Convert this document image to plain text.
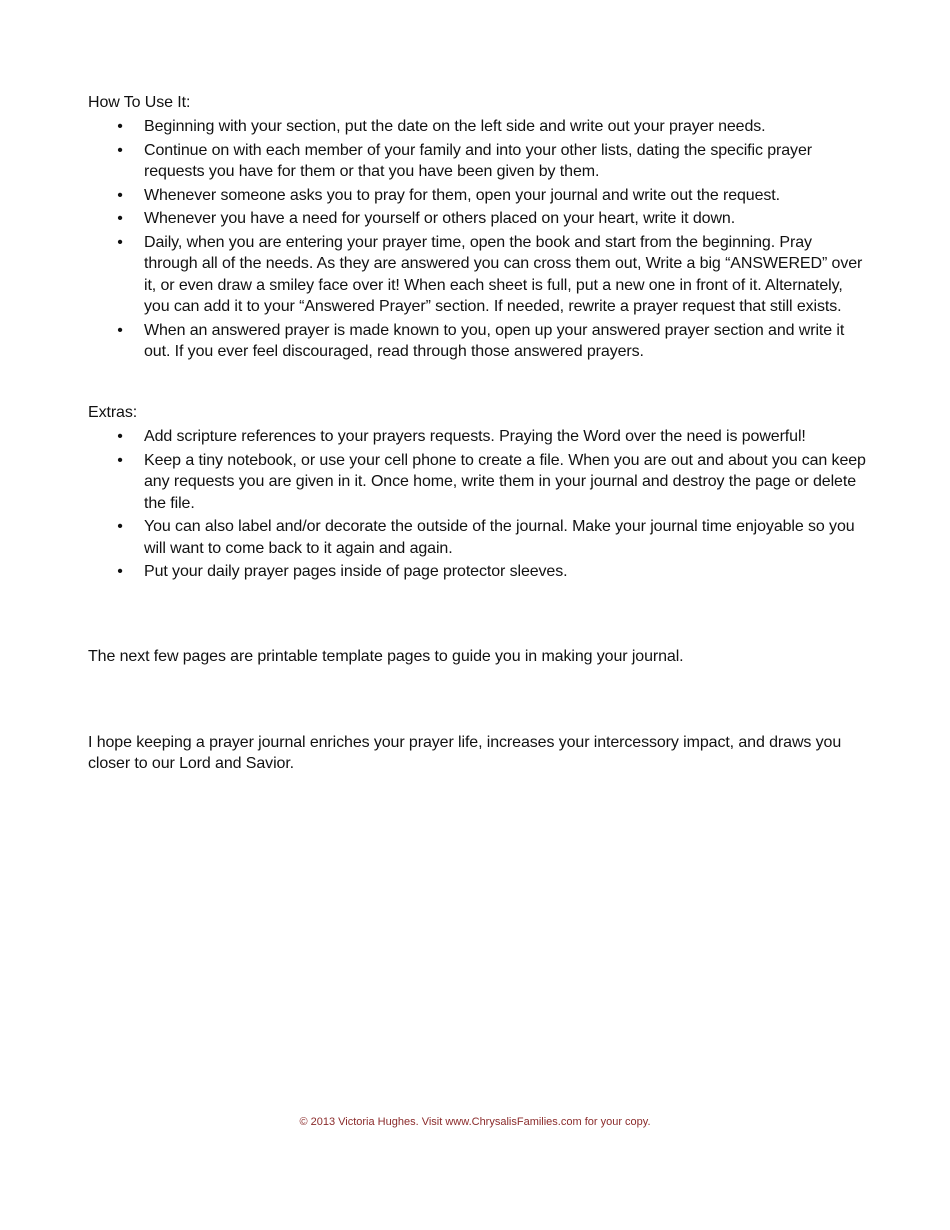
How To Use It:
• Beginning with your section, put the date on the left side and write out your prayer needs.
• Continue on with each member of your family and into your other lists, dating the specific prayer requests you have for them or that you have been given by them.
• Whenever someone asks you to pray for them, open your journal and write out the request.
• Whenever you have a need for yourself or others placed on your heart, write it down.
• Daily, when you are entering your prayer time, open the book and start from the beginning. Pray through all of the needs. As they are answered you can cross them out, Write a big “ANSWERED” over it, or even draw a smiley face over it! When each sheet is full, put a new one in front of it. Alternately, you can add it to your “Answered Prayer” section. If needed, rewrite a prayer request that still exists.
• When an answered prayer is made known to you, open up your answered prayer section and write it out. If you ever feel discouraged, read through those answered prayers.
Extras:
• Add scripture references to your prayers requests. Praying the Word over the need is powerful!
• Keep a tiny notebook, or use your cell phone to create a file. When you are out and about you can keep any requests you are given in it. Once home, write them in your journal and destroy the page or delete the file.
• You can also label and/or decorate the outside of the journal. Make your journal time enjoyable so you will want to come back to it again and again.
• Put your daily prayer pages inside of page protector sleeves.
The next few pages are printable template pages to guide you in making your journal.
I hope keeping a prayer journal enriches your prayer life, increases your intercessory impact, and draws you closer to our Lord and Savior.
© 2013 Victoria Hughes. Visit www.ChrysalisFamilies.com for your copy.
